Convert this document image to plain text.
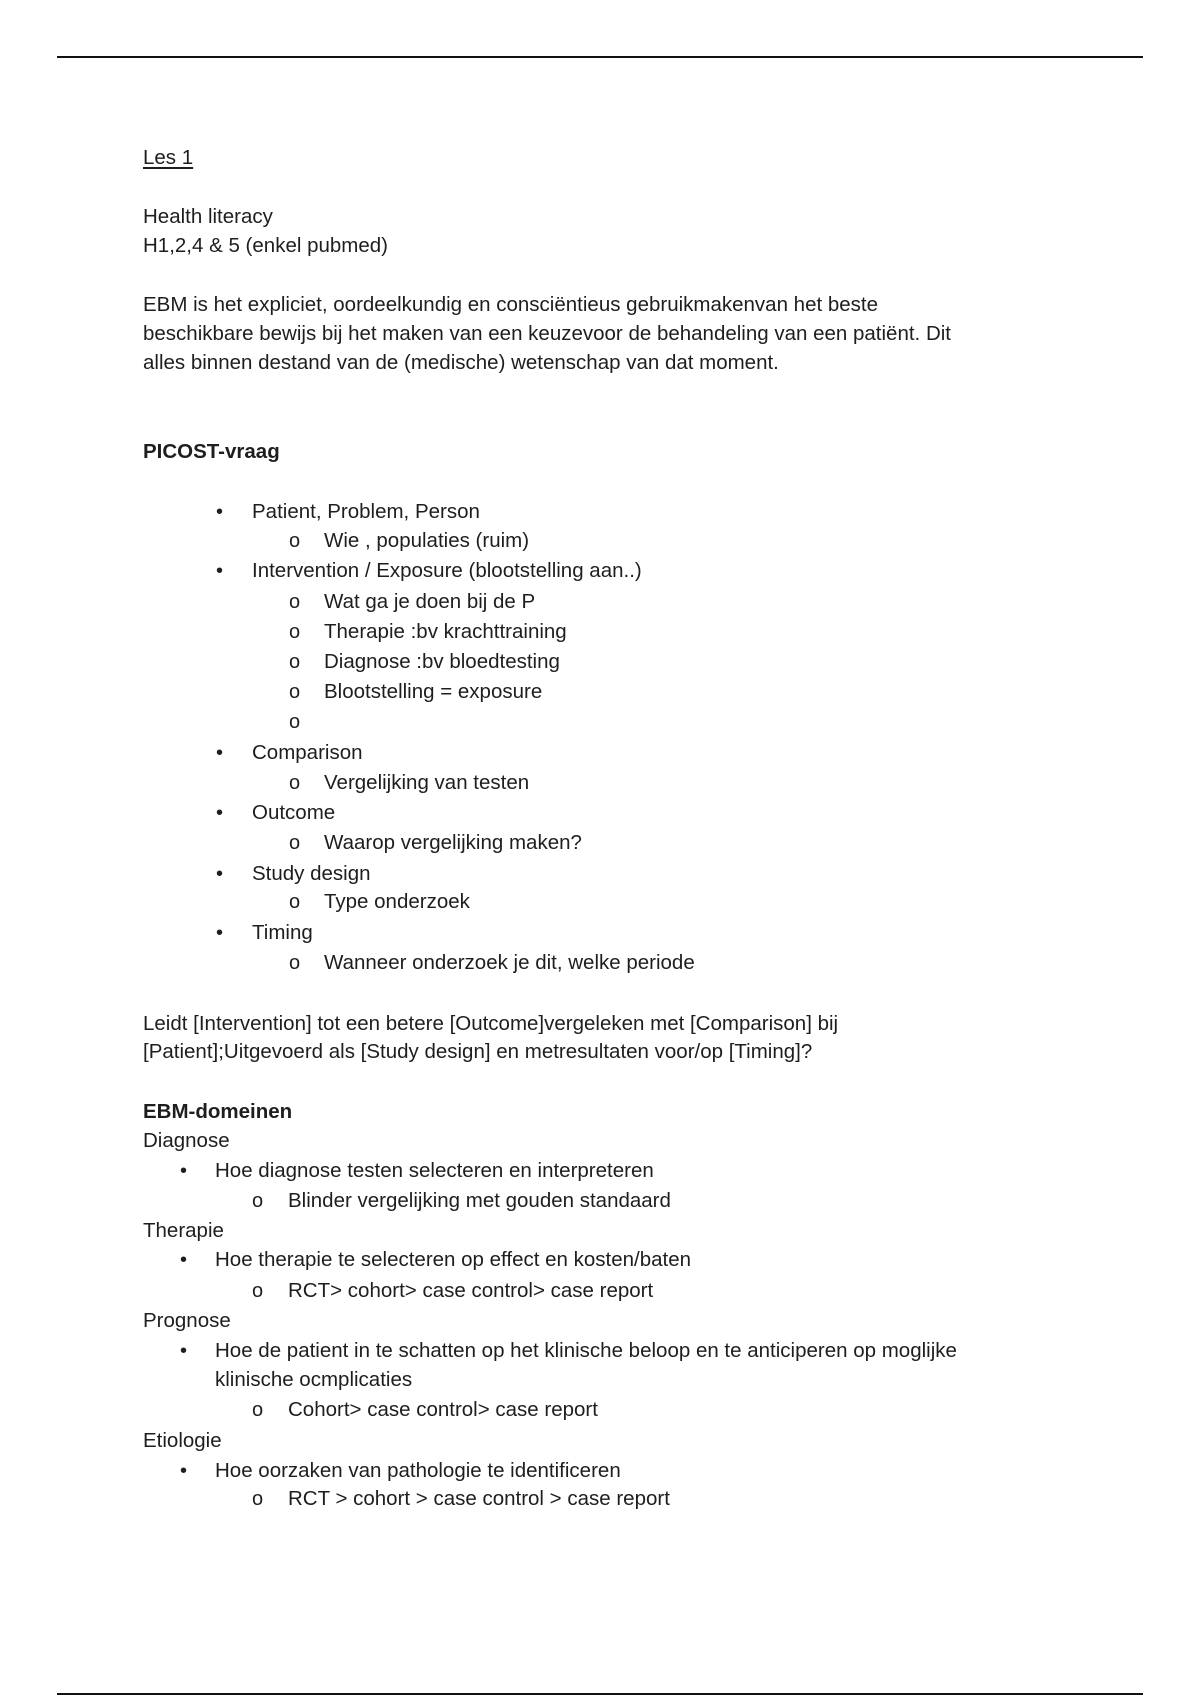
Les 1
Health literacy
H1,2,4 & 5 (enkel pubmed)
EBM is het expliciet, oordeelkundig en consciëntieus gebruikmakenvan het beste
beschikbare bewijs bij het maken van een keuzevoor de behandeling van een patiënt. Dit
alles binnen destand van de (medische) wetenschap van dat moment.
PICOST-vraag
• Patient, Problem, Person
o Wie , populaties (ruim)
• Intervention / Exposure (blootstelling aan..)
o Wat ga je doen bij de P
o Therapie :bv krachttraining
o Diagnose :bv bloedtesting
o Blootstelling = exposure
o
• Comparison
o Vergelijking van testen
• Outcome
o Waarop vergelijking maken?
• Study design
o Type onderzoek
• Timing
o Wanneer onderzoek je dit, welke periode
Leidt [Intervention] tot een betere [Outcome]vergeleken met [Comparison] bij
[Patient];Uitgevoerd als [Study design] en metresultaten voor/op [Timing]?
EBM-domeinen
Diagnose
• Hoe diagnose testen selecteren en interpreteren
o Blinder vergelijking met gouden standaard
Therapie
• Hoe therapie te selecteren op effect en kosten/baten
o RCT> cohort> case control> case report
Prognose
• Hoe de patient in te schatten op het klinische beloop en te anticiperen op moglijke
klinische ocmplicaties
o Cohort> case control> case report
Etiologie
• Hoe oorzaken van pathologie te identificeren
o RCT > cohort > case control > case report
